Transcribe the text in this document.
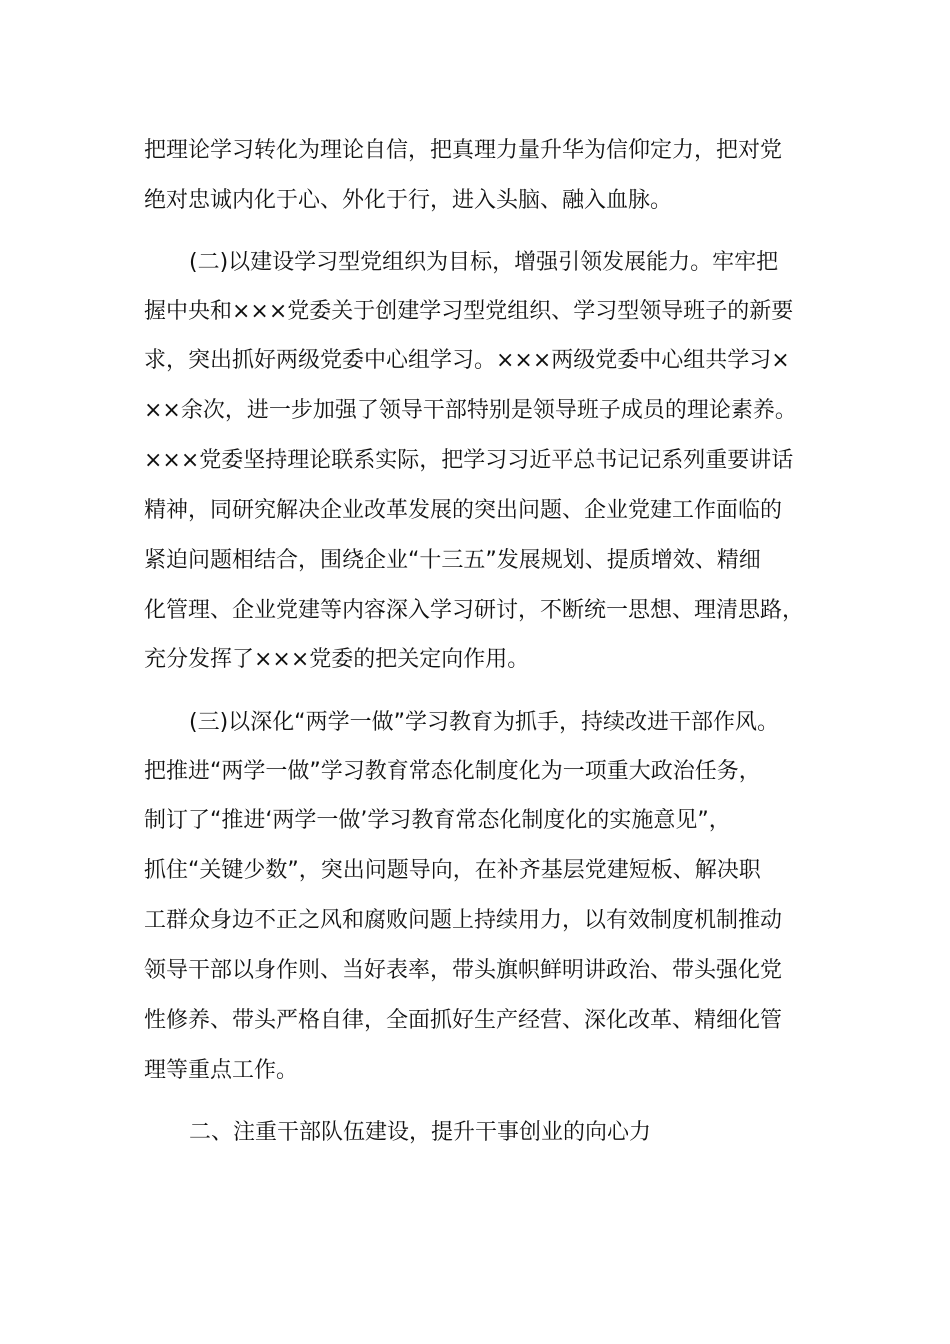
把理论学习转化为理论自信，把真理力量升华为信仰定力，把对党

绝对忠诚内化于心、外化于行，进入头脑、融入血脉。

(二)以建设学习型党组织为目标，增强引领发展能力。牢牢把

握中央和×××党委关于创建学习型党组织、学习型领导班子的新要

求，突出抓好两级党委中心组学习。×××两级党委中心组共学习×

××余次，进一步加强了领导干部特别是领导班子成员的理论素养。

×××党委坚持理论联系实际，把学习习近平总书记记系列重要讲话

精神，同研究解决企业改革发展的突出问题、企业党建工作面临的

紧迫问题相结合，围绕企业“十三五”发展规划、提质增效、精细

化管理、企业党建等内容深入学习研讨，不断统一思想、理清思路，

充分发挥了×××党委的把关定向作用。

(三)以深化“两学一做”学习教育为抓手，持续改进干部作风。

把推进“两学一做”学习教育常态化制度化为一项重大政治任务，

制订了“推进‘两学一做’学习教育常态化制度化的实施意见”，

抓住“关键少数”，突出问题导向，在补齐基层党建短板、解决职

工群众身边不正之风和腐败问题上持续用力，以有效制度机制推动

领导干部以身作则、当好表率，带头旗帜鲜明讲政治、带头强化党

性修养、带头严格自律，全面抓好生产经营、深化改革、精细化管

理等重点工作。

二、注重干部队伍建设，提升干事创业的向心力
